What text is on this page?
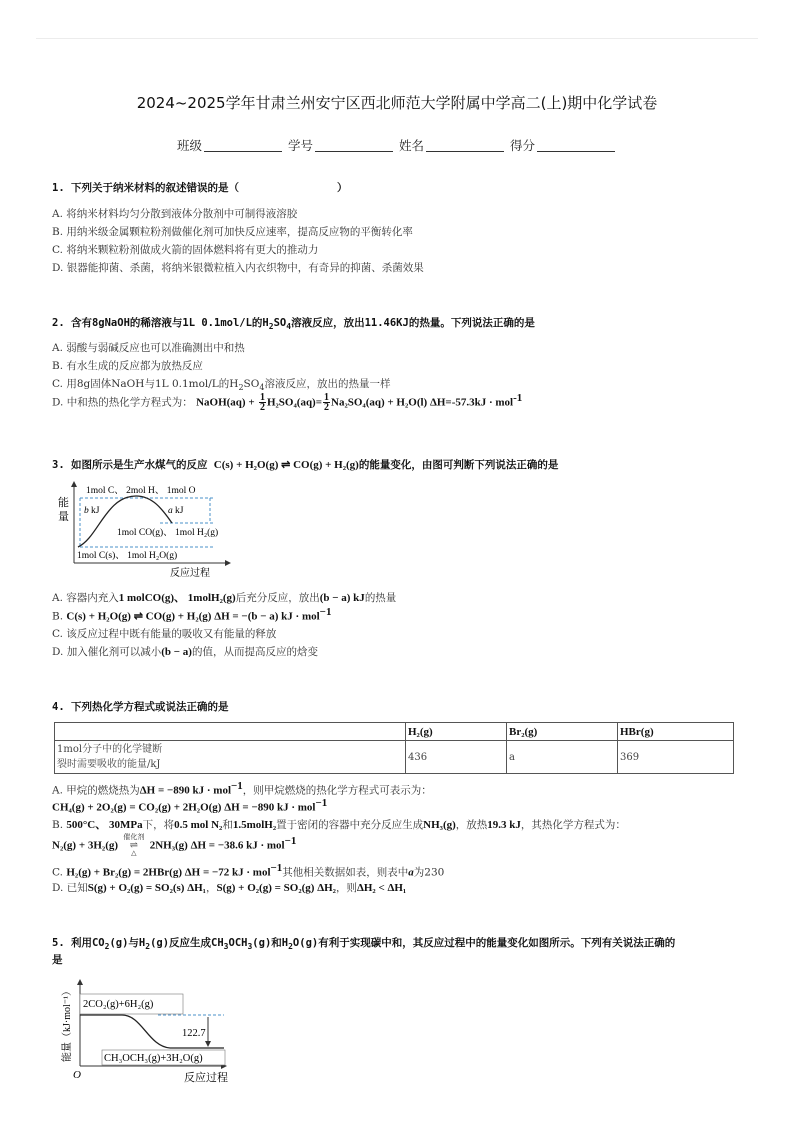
2024~2025学年甘肃兰州安宁区西北师范大学附属中学高二(上)期中化学试卷
班级	学号	姓名	得分
1. 下列关于纳米材料的叙述错误的是（	）
A. 将纳米材料均匀分散到液体分散剂中可制得液溶胶
B. 用纳米级金属颗粒粉剂做催化剂可加快反应速率，提高反应物的平衡转化率
C. 将纳米颗粒粉剂做成火箭的固体燃料将有更大的推动力
D. 银器能抑菌、杀菌，将纳米银微粒植入内衣织物中，有奇异的抑菌、杀菌效果
2. 含有8gNaOH的稀溶液与1L 0.1mol/L的$H_2SO_4$溶液反应，放出11.46KJ的热量。下列说法正确的是
A. 弱酸与弱碱反应也可以准确测出中和热
B. 有水生成的反应都为放热反应
C. 用8g固体NaOH与1L 0.1mol/L的$H_2SO_4$溶液反应，放出的热量一样
D. 中和热的热化学方程式为： NaOH(aq) + $\frac{1}{2} H_2SO_4(aq)= \frac{1}{2} Na_2SO_4(aq) + H_2O(l) \Delta H=-57.3kJ \cdot mol^{-1}$
3. 如图所示是生产水煤气的反应 C(s) + H₂O(g) ⇌ CO(g) + H₂(g)的能量变化，由图可判断下列说法正确的是
能
量
1mol C、 2mol H、 1mol O
b kJ	a kJ
1mol CO(g)、 1mol H₂(g)
1mol C(s)、 1mol H₂O(g)
反应过程
A. 容器内充入1 molCO(g)、 1molH₂(g)后充分反应，放出(b − a) kJ的热量
B. C(s) + H₂O(g) ⇌ CO(g) + H₂(g) ΔH = −(b − a) kJ · mol$^{-1}$
C. 该反应过程中既有能量的吸收又有能量的释放
D. 加入催化剂可以减小(b − a)的值，从而提高反应的焓变
4. 下列热化学方程式或说法正确的是
	H₂(g)	Br₂(g)	HBr(g)
1mol分子中的化学键断
裂时需要吸收的能量/kJ	436	a	369
A. 甲烷的燃烧热为ΔH = −890 kJ · mol$^{-1}$，则甲烷燃烧的热化学方程式可表示为：
CH₄(g) + 2O₂(g) = CO₂(g) + 2H₂O(g) ΔH = −890 kJ · mol$^{-1}$
B. 500°C、 30MPa下，将0.5 mol N₂和1.5molH₂置于密闭的容器中充分反应生成NH₃(g)，放热19.3 kJ，其热化学方程式为：
N₂(g) + 3H₂(g)
催化剂
⇌
△
2NH₃(g) ΔH = −38.6 kJ · mol$^{-1}$
C. H₂(g) + Br₂(g) = 2HBr(g) ΔH = −72 kJ · mol$^{-1}$其他相关数据如表，则表中a为230
D. 已知S(g) + O₂(g) = SO₂(s) ΔH₁，S(g) + O₂(g) = SO₂(g) ΔH₂，则ΔH₂ < ΔH₁
5. 利用$CO_2(g)$与$H_2(g)$反应生成$CH_3OCH_3(g)$和$H_2O(g)$有利于实现碳中和，其反应过程中的能量变化如图所示。下列有关说法正确的
是
能量（kJ·mol⁻¹） 2CO₂(g)+6H₂(g)
122.7
CH₃OCH₃(g)+3H₂O(g)
O	反应过程
